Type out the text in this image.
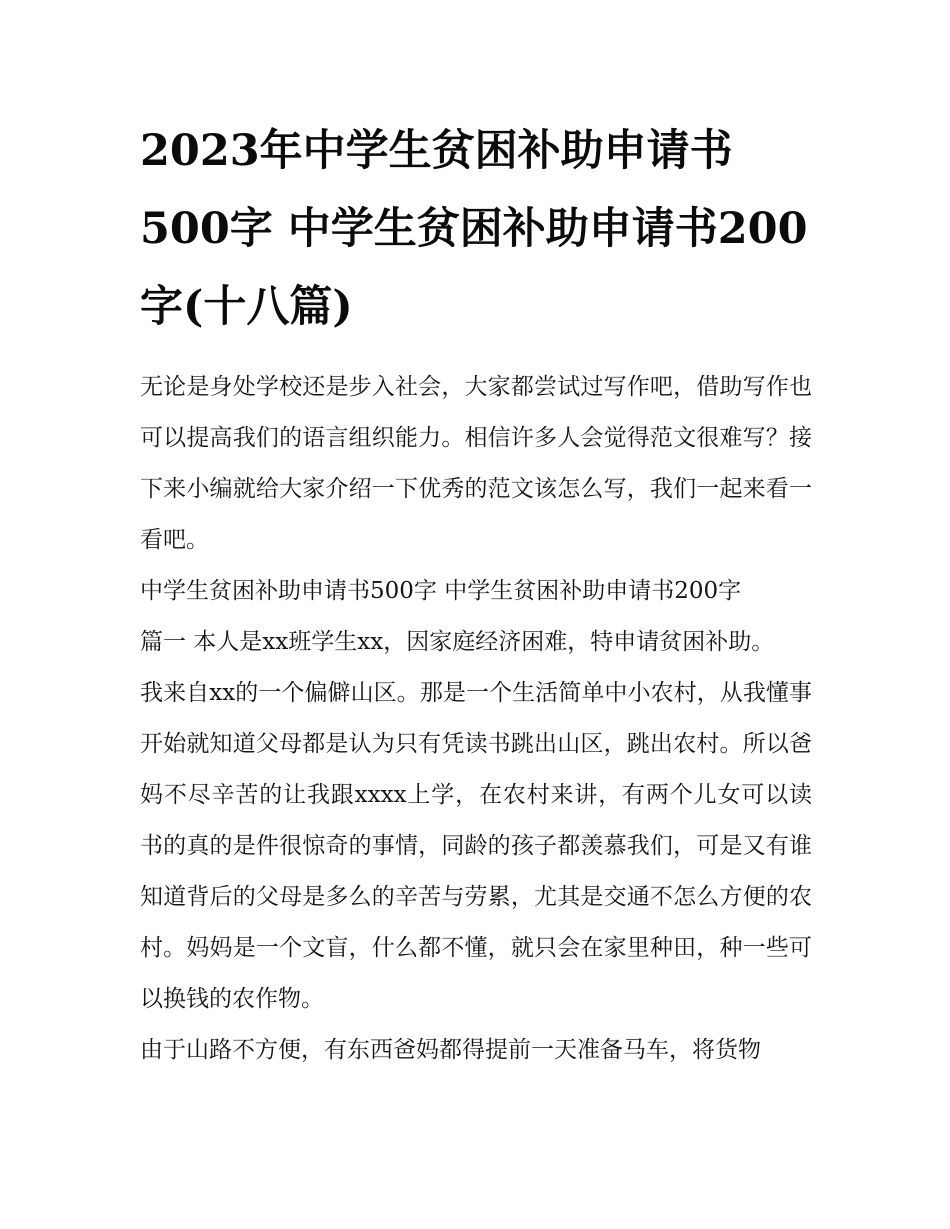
2023年中学生贫困补助申请书500字 中学生贫困补助申请书200字(十八篇)

无论是身处学校还是步入社会，大家都尝试过写作吧，借助写作也可以提高我们的语言组织能力。相信许多人会觉得范文很难写？接下来小编就给大家介绍一下优秀的范文该怎么写，我们一起来看一看吧。

中学生贫困补助申请书500字 中学生贫困补助申请书200字

篇一 本人是xx班学生xx，因家庭经济困难，特申请贫困补助。

我来自xx的一个偏僻山区。那是一个生活简单中小农村，从我懂事开始就知道父母都是认为只有凭读书跳出山区，跳出农村。所以爸妈不尽辛苦的让我跟xxxx上学，在农村来讲，有两个儿女可以读书的真的是件很惊奇的事情，同龄的孩子都羡慕我们，可是又有谁知道背后的父母是多么的辛苦与劳累，尤其是交通不怎么方便的农村。妈妈是一个文盲，什么都不懂，就只会在家里种田，种一些可以换钱的农作物。

由于山路不方便，有东西爸妈都得提前一天准备马车，将货物
